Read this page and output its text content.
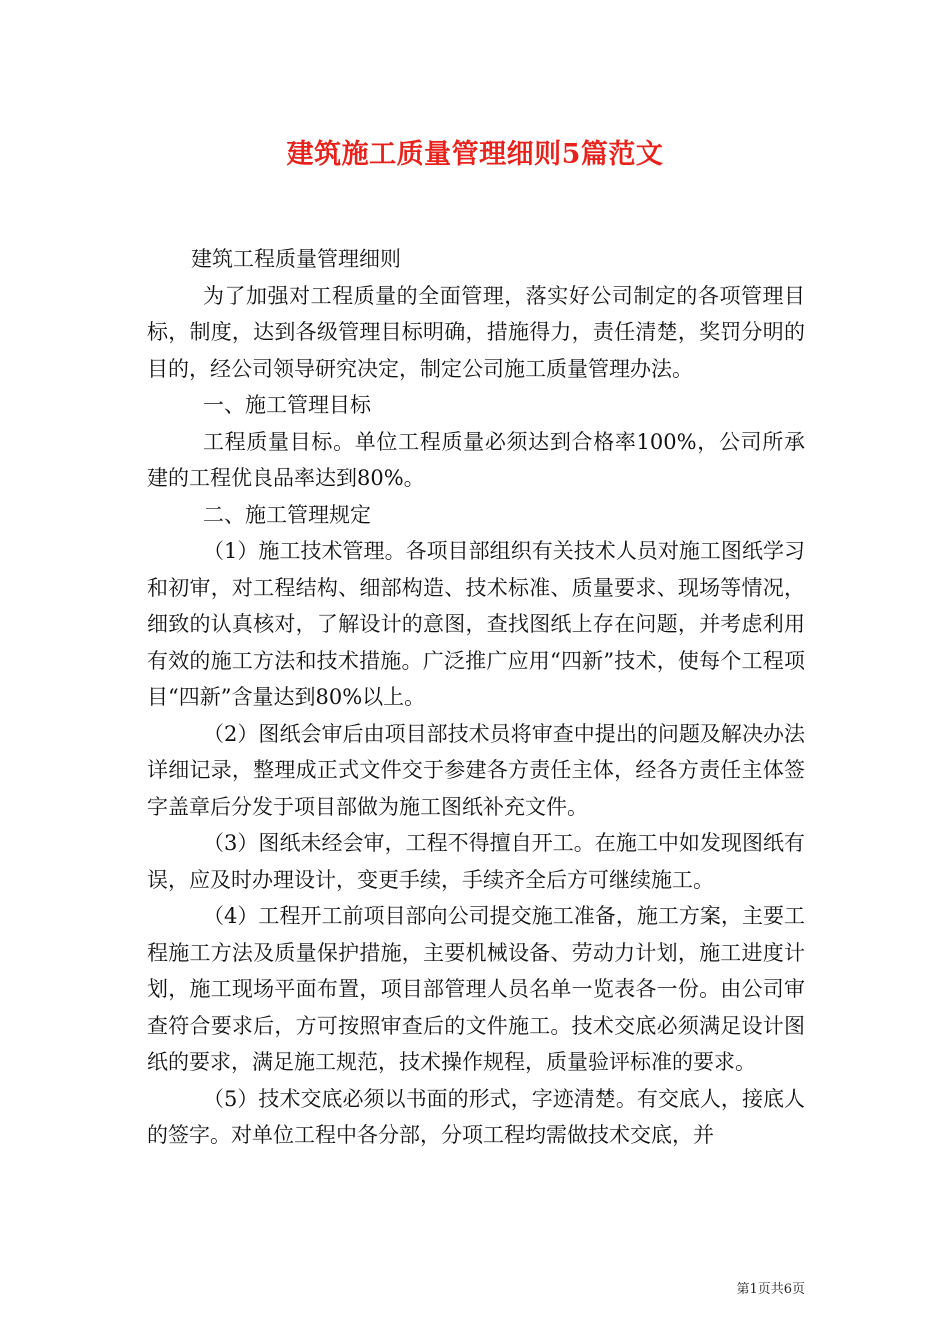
建筑施工质量管理细则5篇范文

建筑工程质量管理细则

为了加强对工程质量的全面管理，落实好公司制定的各项管理目标，制度，达到各级管理目标明确，措施得力，责任清楚，奖罚分明的目的，经公司领导研究决定，制定公司施工质量管理办法。

一、施工管理目标

工程质量目标。单位工程质量必须达到合格率100%，公司所承建的工程优良品率达到80%。

二、施工管理规定

（1）施工技术管理。各项目部组织有关技术人员对施工图纸学习和初审，对工程结构、细部构造、技术标准、质量要求、现场等情况，细致的认真核对，了解设计的意图，查找图纸上存在问题，并考虑利用有效的施工方法和技术措施。广泛推广应用“四新”技术，使每个工程项目“四新”含量达到80%以上。

（2）图纸会审后由项目部技术员将审查中提出的问题及解决办法详细记录，整理成正式文件交于参建各方责任主体，经各方责任主体签字盖章后分发于项目部做为施工图纸补充文件。

（3）图纸未经会审，工程不得擅自开工。在施工中如发现图纸有误，应及时办理设计，变更手续，手续齐全后方可继续施工。

（4）工程开工前项目部向公司提交施工准备，施工方案，主要工程施工方法及质量保护措施，主要机械设备、劳动力计划，施工进度计划，施工现场平面布置，项目部管理人员名单一览表各一份。由公司审查符合要求后，方可按照审查后的文件施工。技术交底必须满足设计图纸的要求，满足施工规范，技术操作规程，质量验评标准的要求。

（5）技术交底必须以书面的形式，字迹清楚。有交底人，接底人的签字。对单位工程中各分部，分项工程均需做技术交底，并

第1页共6页
